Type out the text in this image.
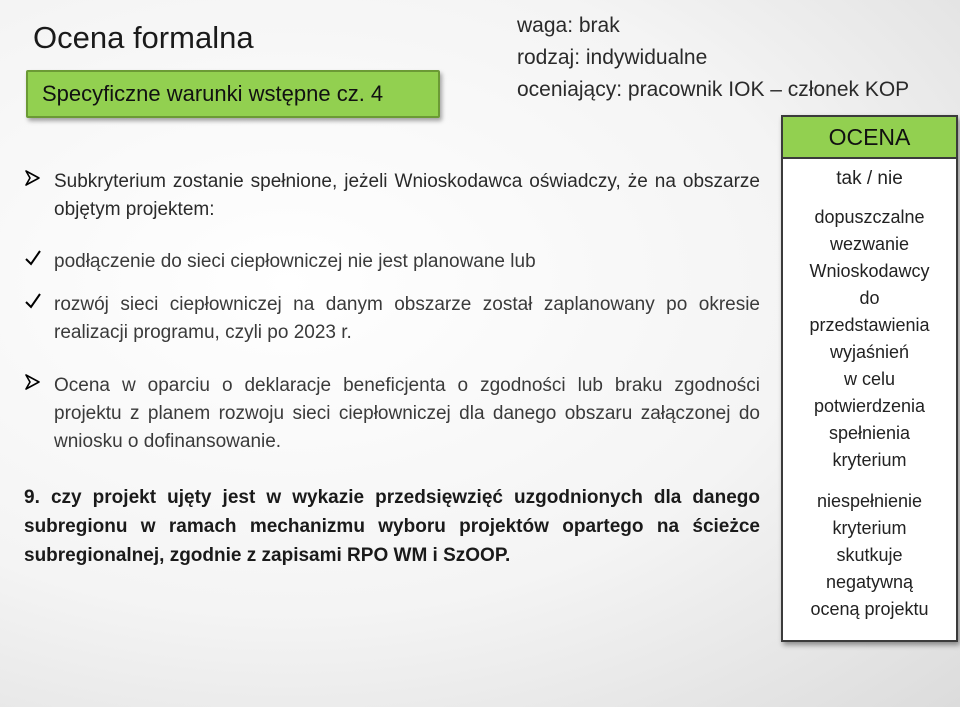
Ocena formalna
Specyficzne warunki wstępne cz. 4
waga: brak
rodzaj: indywidualne
oceniający: pracownik IOK – członek KOP
Subkryterium zostanie spełnione, jeżeli Wnioskodawca oświadczy, że na obszarze objętym projektem:
podłączenie do sieci ciepłowniczej nie jest planowane lub
rozwój sieci ciepłowniczej na danym obszarze został zaplanowany po okresie realizacji programu, czyli po 2023 r.
Ocena w oparciu o deklaracje beneficjenta o zgodności lub braku zgodności projektu z planem rozwoju sieci ciepłowniczej dla danego obszaru załączonej do wniosku o dofinansowanie.
9. czy projekt ujęty jest w wykazie przedsięwzięć uzgodnionych dla danego subregionu w ramach mechanizmu wyboru projektów opartego na ścieżce subregionalnej, zgodnie z zapisami RPO WM i SzOOP.
OCENA
tak / nie
dopuszczalne
wezwanie
Wnioskodawcy
do
przedstawienia
wyjaśnień
w celu
potwierdzenia
spełnienia
kryterium
niespełnienie
kryterium
skutkuje
negatywną
oceną projektu
